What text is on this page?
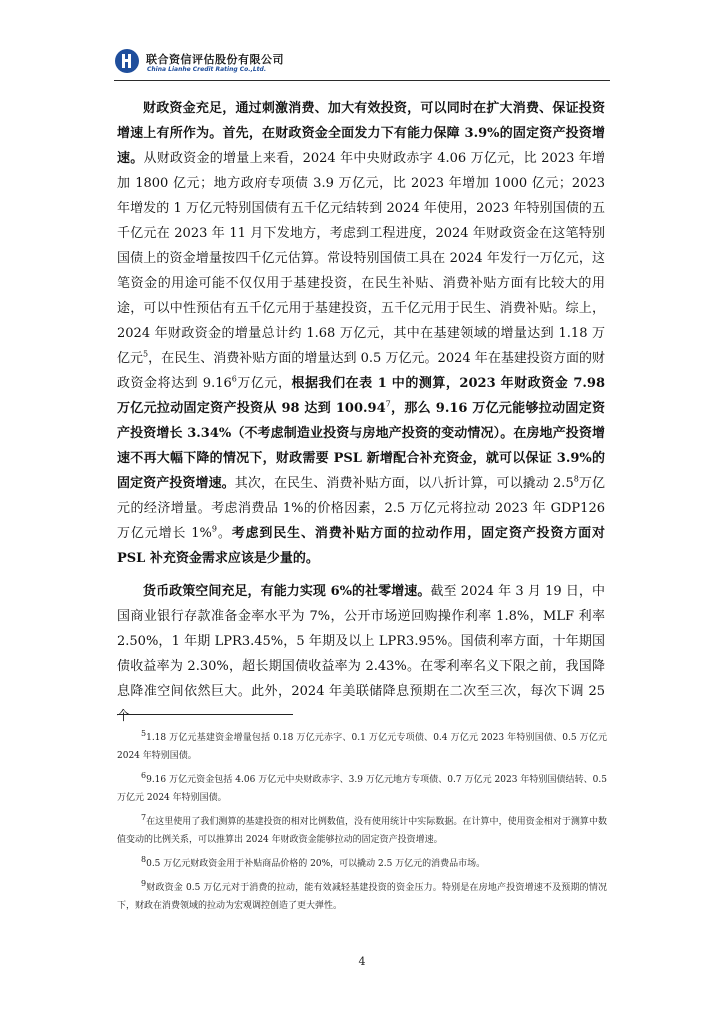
联合资信评估股份有限公司
China Lianhe Credit Rating Co.,Ltd.

财政资金充足，通过刺激消费、加大有效投资，可以同时在扩大消费、保证投资增速上有所作为。首先，在财政资金全面发力下有能力保障 3.9%的固定资产投资增速。从财政资金的增量上来看，2024 年中央财政赤字 4.06 万亿元，比 2023 年增加 1800 亿元；地方政府专项债 3.9 万亿元，比 2023 年增加 1000 亿元；2023 年增发的 1 万亿元特别国债有五千亿元结转到 2024 年使用，2023 年特别国债的五千亿元在 2023 年 11 月下发地方，考虑到工程进度，2024 年财政资金在这笔特别国债上的资金增量按四千亿元估算。常设特别国债工具在 2024 年发行一万亿元，这笔资金的用途可能不仅仅用于基建投资，在民生补贴、消费补贴方面有比较大的用途，可以中性预估有五千亿元用于基建投资，五千亿元用于民生、消费补贴。综上，2024 年财政资金的增量总计约 1.68 万亿元，其中在基建领域的增量达到 1.18 万亿元$^5$，在民生、消费补贴方面的增量达到 0.5 万亿元。2024 年在基建投资方面的财政资金将达到 9.16$^6$万亿元，根据我们在表 1 中的测算，2023 年财政资金 7.98 万亿元拉动固定资产投资从 98 达到 100.94$^7$，那么 9.16 万亿元能够拉动固定资产投资增长 3.34%（不考虑制造业投资与房地产投资的变动情况）。在房地产投资增速不再大幅下降的情况下，财政需要 PSL 新增配合补充资金，就可以保证 3.9%的固定资产投资增速。其次，在民生、消费补贴方面，以八折计算，可以撬动 $2.5^8$万亿元的经济增量。考虑消费品 1%的价格因素，2.5 万亿元将拉动 2023 年 GDP126 万亿元增长 1%$^9$。考虑到民生、消费补贴方面的拉动作用，固定资产投资方面对 PSL 补充资金需求应该是少量的。

货币政策空间充足，有能力实现 6%的社零增速。截至 2024 年 3 月 19 日，中国商业银行存款准备金率水平为 7%，公开市场逆回购操作利率 1.8%，MLF 利率 2.50%，1 年期 LPR3.45%，5 年期及以上 LPR3.95%。国债利率方面，十年期国债收益率为 2.30%，超长期国债收益率为 2.43%。在零利率名义下限之前，我国降息降准空间依然巨大。此外，2024 年美联储降息预期在二次至三次，每次下调 25 个

$^5$1.18 万亿元基建资金增量包括 0.18 万亿元赤字、0.1 万亿元专项债、0.4 万亿元 2023 年特别国债、0.5 万亿元 2024 年特别国债。

$^6$9.16 万亿元资金包括 4.06 万亿元中央财政赤字、3.9 万亿元地方专项债、0.7 万亿元 2023 年特别国债结转、0.5 万亿元 2024 年特别国债。

$^7$在这里使用了我们测算的基建投资的相对比例数值，没有使用统计中实际数据。在计算中，使用资金相对于测算中数值变动的比例关系，可以推算出 2024 年财政资金能够拉动的固定资产投资增速。

$^8$0.5 万亿元财政资金用于补贴商品价格的 20%，可以撬动 2.5 万亿元的消费品市场。

$^9$财政资金 0.5 万亿元对于消费的拉动，能有效减轻基建投资的资金压力。特别是在房地产投资增速不及预期的情况下，财政在消费领域的拉动为宏观调控创造了更大弹性。

4
